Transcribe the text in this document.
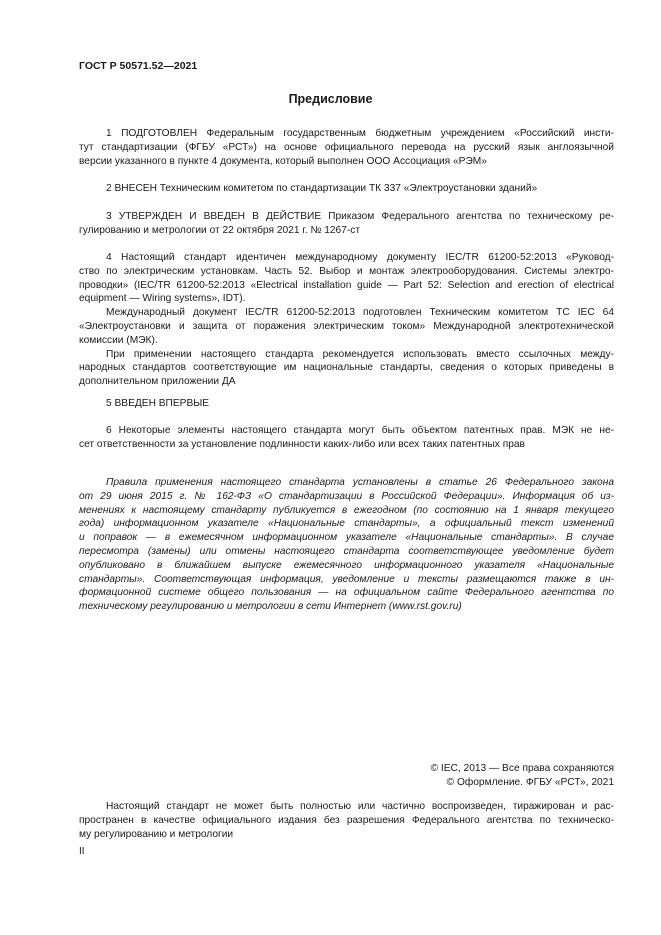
ГОСТ Р 50571.52—2021
Предисловие
1 ПОДГОТОВЛЕН Федеральным государственным бюджетным учреждением «Российский инсти-
тут стандартизации (ФГБУ «РСТ») на основе официального перевода на русский язык англоязычной
версии указанного в пункте 4 документа, который выполнен ООО Ассоциация «РЭМ»
2 ВНЕСЕН Техническим комитетом по стандартизации ТК 337 «Электроустановки зданий»
3 УТВЕРЖДЕН И ВВЕДЕН В ДЕЙСТВИЕ Приказом Федерального агентства по техническому ре-
гулированию и метрологии от 22 октября 2021 г. № 1267-ст
4 Настоящий стандарт идентичен международному документу IEC/TR 61200-52:2013 «Руковод-
ство по электрическим установкам. Часть 52. Выбор и монтаж электрооборудования. Системы электро-
проводки» (IEC/TR 61200-52:2013 «Electrical installation guide — Part 52: Selection and erection of electrical
equipment — Wiring systems», IDT).
Международный документ IEC/TR 61200-52:2013 подготовлен Техническим комитетом ТС IEC 64
«Электроустановки и защита от поражения электрическим током» Международной электротехнической
комиссии (МЭК).
При применении настоящего стандарта рекомендуется использовать вместо ссылочных между-
народных стандартов соответствующие им национальные стандарты, сведения о которых приведены в
дополнительном приложении ДА
5 ВВЕДЕН ВПЕРВЫЕ
6 Некоторые элементы настоящего стандарта могут быть объектом патентных прав. МЭК не не-
сет ответственности за установление подлинности каких-либо или всех таких патентных прав
Правила применения настоящего стандарта установлены в статье 26 Федерального закона
от 29 июня 2015 г. № 162-ФЗ «О стандартизации в Российской Федерации». Информация об из-
менениях к настоящему стандарту публикуется в ежегодном (по состоянию на 1 января текущего
года) информационном указателе «Национальные стандарты», а официальный текст изменений
и поправок — в ежемесячном информационном указателе «Национальные стандарты». В случае
пересмотра (замены) или отмены настоящего стандарта соответствующее уведомление будет
опубликовано в ближайшем выпуске ежемесячного информационного указателя «Национальные
стандарты». Соответствующая информация, уведомление и тексты размещаются также в ин-
формационной системе общего пользования — на официальном сайте Федерального агентства по
техническому регулированию и метрологии в сети Интернет (www.rst.gov.ru)
© IEC, 2013 — Все права сохраняются
© Оформление. ФГБУ «РСТ», 2021
Настоящий стандарт не может быть полностью или частично воспроизведен, тиражирован и рас-
пространен в качестве официального издания без разрешения Федерального агентства по техническо-
му регулированию и метрологии
II
